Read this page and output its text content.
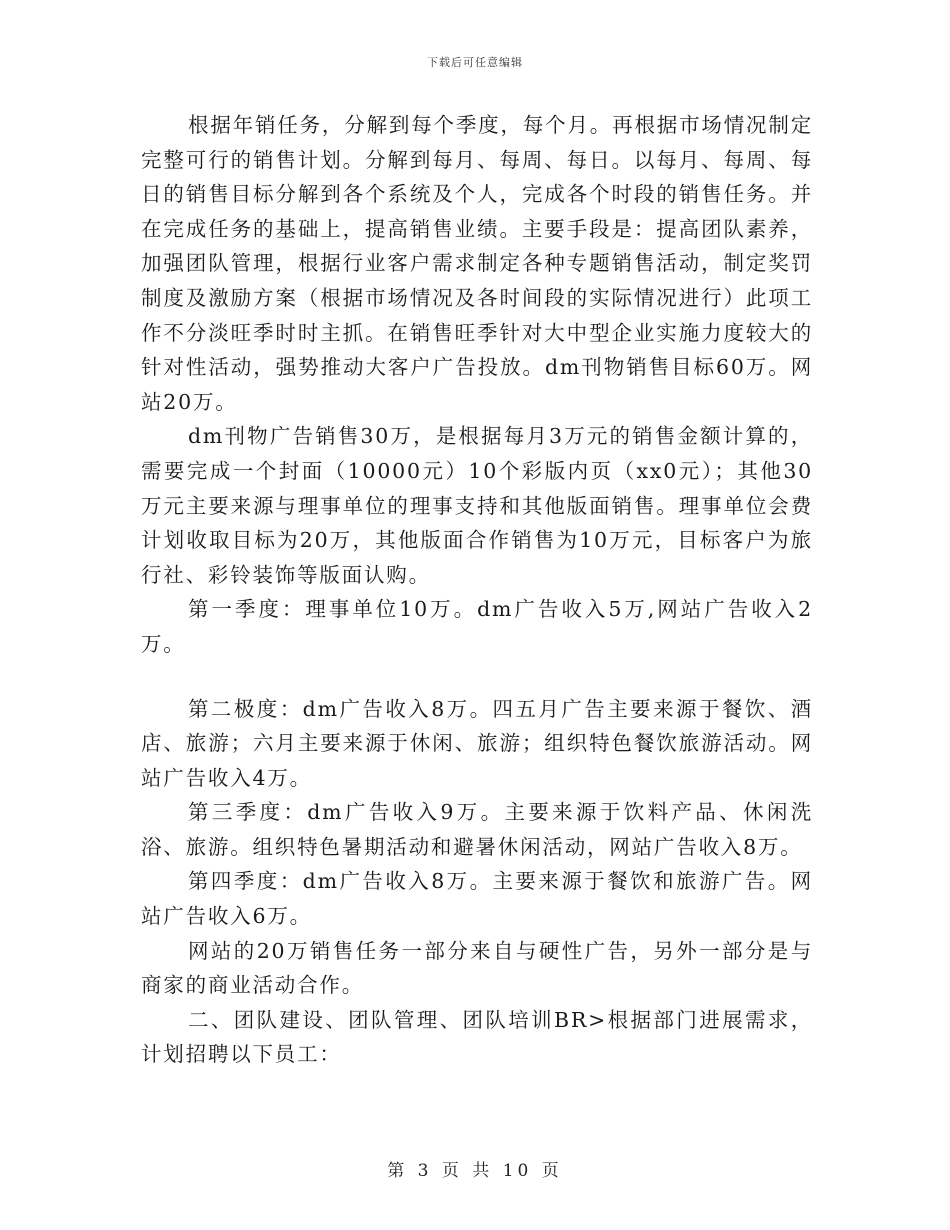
下载后可任意编辑

根据年销任务，分解到每个季度，每个月。再根据市场情况制定完整可行的销售计划。分解到每月、每周、每日。以每月、每周、每日的销售目标分解到各个系统及个人，完成各个时段的销售任务。并在完成任务的基础上，提高销售业绩。主要手段是：提高团队素养，加强团队管理，根据行业客户需求制定各种专题销售活动，制定奖罚制度及激励方案（根据市场情况及各时间段的实际情况进行）此项工作不分淡旺季时时主抓。在销售旺季针对大中型企业实施力度较大的针对性活动，强势推动大客户广告投放。dm刊物销售目标60万。网站20万。

dm刊物广告销售30万，是根据每月3万元的销售金额计算的，需要完成一个封面（10000元）10个彩版内页（xx0元）；其他30万元主要来源与理事单位的理事支持和其他版面销售。理事单位会费计划收取目标为20万，其他版面合作销售为10万元，目标客户为旅行社、彩铃装饰等版面认购。

第一季度：理事单位10万。dm广告收入5万,网站广告收入2万。

第二极度：dm广告收入8万。四五月广告主要来源于餐饮、酒店、旅游；六月主要来源于休闲、旅游；组织特色餐饮旅游活动。网站广告收入4万。

第三季度：dm广告收入9万。主要来源于饮料产品、休闲洗浴、旅游。组织特色暑期活动和避暑休闲活动，网站广告收入8万。

第四季度：dm广告收入8万。主要来源于餐饮和旅游广告。网站广告收入6万。

网站的20万销售任务一部分来自与硬性广告，另外一部分是与商家的商业活动合作。

二、团队建设、团队管理、团队培训BR>根据部门进展需求，计划招聘以下员工：

第 3 页 共 10 页
